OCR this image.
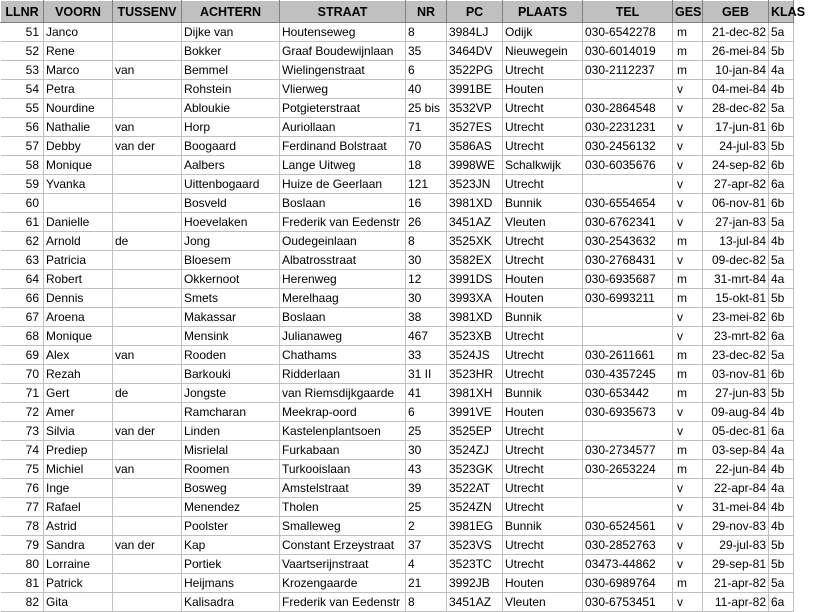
LLNR	VOORN	TUSSENV	ACHTERN	STRAAT	NR	PC	PLAATS	TEL	GES	GEB	KLAS
51	Janco		Dijke van	Houtenseweg	8	3984LJ	Odijk	030-6542278	m	21-dec-82	5a
52	Rene		Bokker	Graaf Boudewijnlaan	35	3464DV	Nieuwegein	030-6014019	m	26-mei-84	5b
53	Marco	van	Bemmel	Wielingenstraat	6	3522PG	Utrecht	030-2112237	m	10-jan-84	4a
54	Petra		Rohstein	Vlierweg	40	3991BE	Houten		v	04-mei-84	4b
55	Nourdine		Abloukie	Potgieterstraat	25 bis	3532VP	Utrecht	030-2864548	v	28-dec-82	5a
56	Nathalie	van	Horp	Auriollaan	71	3527ES	Utrecht	030-2231231	v	17-jun-81	6b
57	Debby	van der	Boogaard	Ferdinand Bolstraat	70	3586AS	Utrecht	030-2456132	v	24-jul-83	5b
58	Monique		Aalbers	Lange Uitweg	18	3998WE	Schalkwijk	030-6035676	v	24-sep-82	6b
59	Yvanka		Uittenbogaard	Huize de Geerlaan	121	3523JN	Utrecht		v	27-apr-82	6a
60			Bosveld	Boslaan	16	3981XD	Bunnik	030-6554654	v	06-nov-81	6b
61	Danielle		Hoevelaken	Frederik van Eedenstr	26	3451AZ	Vleuten	030-6762341	v	27-jan-83	5a
62	Arnold	de	Jong	Oudegeinlaan	8	3525XK	Utrecht	030-2543632	m	13-jul-84	4b
63	Patricia		Bloesem	Albatrosstraat	30	3582EX	Utrecht	030-2768431	v	09-dec-82	5a
64	Robert		Okkernoot	Herenweg	12	3991DS	Houten	030-6935687	m	31-mrt-84	4a
66	Dennis		Smets	Merelhaag	30	3993XA	Houten	030-6993211	m	15-okt-81	5b
67	Aroena		Makassar	Boslaan	38	3981XD	Bunnik		v	23-mei-82	6b
68	Monique		Mensink	Julianaweg	467	3523XB	Utrecht		v	23-mrt-82	6a
69	Alex	van	Rooden	Chathams	33	3524JS	Utrecht	030-2611661	m	23-dec-82	5a
70	Rezah		Barkouki	Ridderlaan	31 II	3523HR	Utrecht	030-4357245	m	03-nov-81	6b
71	Gert	de	Jongste	van Riemsdijkgaarde	41	3981XH	Bunnik	030-653442	m	27-jun-83	5b
72	Amer		Ramcharan	Meekrap-oord	6	3991VE	Houten	030-6935673	v	09-aug-84	4b
73	Silvia	van der	Linden	Kastelenplantsoen	25	3525EP	Utrecht		v	05-dec-81	6a
74	Prediep		Misrielal	Furkabaan	30	3524ZJ	Utrecht	030-2734577	m	03-sep-84	4a
75	Michiel	van	Roomen	Turkooislaan	43	3523GK	Utrecht	030-2653224	m	22-jun-84	4b
76	Inge		Bosweg	Amstelstraat	39	3522AT	Utrecht		v	22-apr-84	4a
77	Rafael		Menendez	Tholen	25	3524ZN	Utrecht		v	31-mei-84	4b
78	Astrid		Poolster	Smalleweg	2	3981EG	Bunnik	030-6524561	v	29-nov-83	4b
79	Sandra	van der	Kap	Constant Erzeystraat	37	3523VS	Utrecht	030-2852763	v	29-jul-83	5b
80	Lorraine		Portiek	Vaartserijnstraat	4	3523TC	Utrecht	03473-44862	v	29-sep-81	5b
81	Patrick		Heijmans	Krozengaarde	21	3992JB	Houten	030-6989764	m	21-apr-82	5a
82	Gita		Kalisadra	Frederik van Eedenstr	8	3451AZ	Vleuten	030-6753451	v	11-apr-82	6a
